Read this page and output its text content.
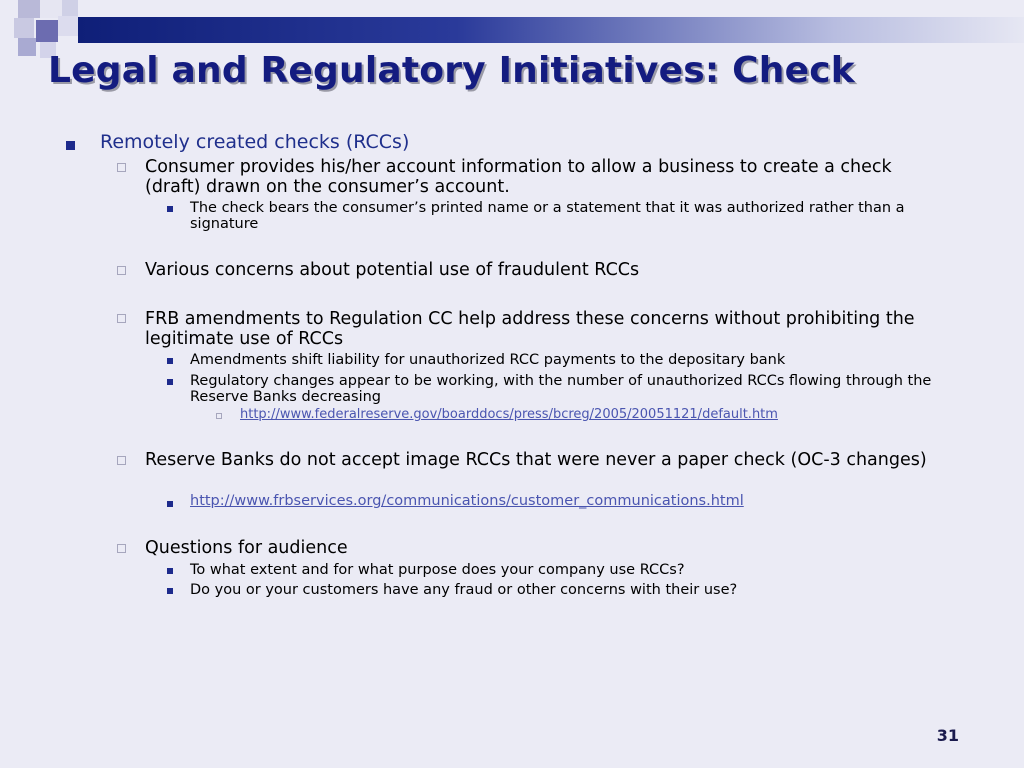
Legal and Regulatory Initiatives: Check
Remotely created checks (RCCs)
Consumer provides his/her account information to allow a business to create a check (draft) drawn on the consumer’s account.
The check bears the consumer’s printed name or a statement that it was authorized rather than a signature
Various concerns about potential use of fraudulent RCCs
FRB amendments to Regulation CC help address these concerns without prohibiting the legitimate use of RCCs
Amendments shift liability for unauthorized RCC payments to the depositary bank
Regulatory changes appear to be working, with the number of unauthorized RCCs flowing through the Reserve Banks decreasing
http://www.federalreserve.gov/boarddocs/press/bcreg/2005/20051121/default.htm
Reserve Banks do not accept image RCCs that were never a paper check (OC-3 changes)
http://www.frbservices.org/communications/customer_communications.html
Questions for audience
To what extent and for what purpose does your company use RCCs?
Do you or your customers have any fraud or other concerns with their use?
31
